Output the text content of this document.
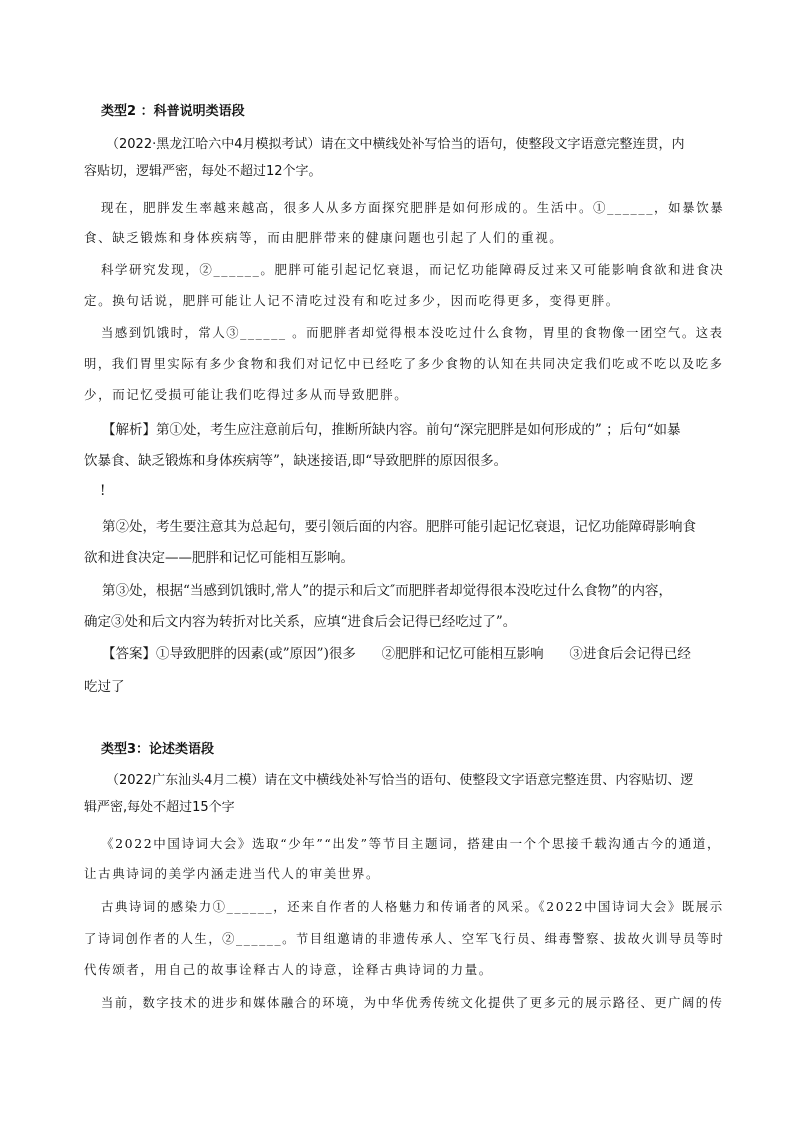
类型2 ：科普说明类语段
（2022·黑龙江哈六中4月模拟考试）请在文中横线处补写恰当的语句，使整段文字语意完整连贯，内
容贴切，逻辑严密，每处不超过12个字。
现在，肥胖发生率越来越高，很多人从多方面探究肥胖是如何形成的。生活中。①______，如暴饮暴
食、缺乏锻炼和身体疾病等，而由肥胖带来的健康问题也引起了人们的重视。
科学研究发现，②______。肥胖可能引起记忆衰退，而记忆功能障碍反过来又可能影响食欲和进食决
定。换句话说，肥胖可能让人记不清吃过没有和吃过多少，因而吃得更多，变得更胖。
当感到饥饿时，常人③______ 。而肥胖者却觉得根本没吃过什么食物，胃里的食物像一团空气。这表
明，我们胃里实际有多少食物和我们对记忆中已经吃了多少食物的认知在共同决定我们吃或不吃以及吃多
少，而记忆受损可能让我们吃得过多从而导致肥胖。
【解析】第①处，考生应注意前后句，推断所缺内容。前句“深完肥胖是如何形成的” ；后句“如暴
饮暴食、缺乏锻炼和身体疾病等”，缺迷接语,即“导致肥胖的原因很多。
!
第②处，考生要注意其为总起句，要引领后面的内容。肥胖可能引起记忆衰退，记忆功能障碍影响食
欲和进食决定——肥胖和记忆可能相互影响。
第③处，根据“当感到饥饿时,常人”的提示和后文″而肥胖者却觉得很本没吃过什么食物”的内容，
确定③处和后文内容为转折对比关系，应填“进食后会记得已经吃过了”。
【答案】①导致肥胖的因素(或”原因”)很多      ②肥胖和记忆可能相互影响      ③进食后会记得已经
吃过了
类型3：论述类语段
（2022广东汕头4月二模）请在文中横线处补写恰当的语句、使整段文字语意完整连贯、内容贴切、逻
辑严密,每处不超过15个字
《2022中国诗词大会》选取“少年”“出发”等节目主题词，搭建由一个个思接千载沟通古今的通道，
让古典诗词的美学内涵走进当代人的审美世界。
古典诗词的感染力①______，还来自作者的人格魅力和传诵者的风采。《2022中国诗词大会》既展示
了诗词创作者的人生，②______。节目组邀请的非遗传承人、空军飞行员、缉毒警察、拔故火训导员等时
代传颂者，用自己的故事诠释古人的诗意，诠释古典诗词的力量。
当前，数字技术的进步和媒体融合的环境，为中华优秀传统文化提供了更多元的展示路径、更广阔的传
